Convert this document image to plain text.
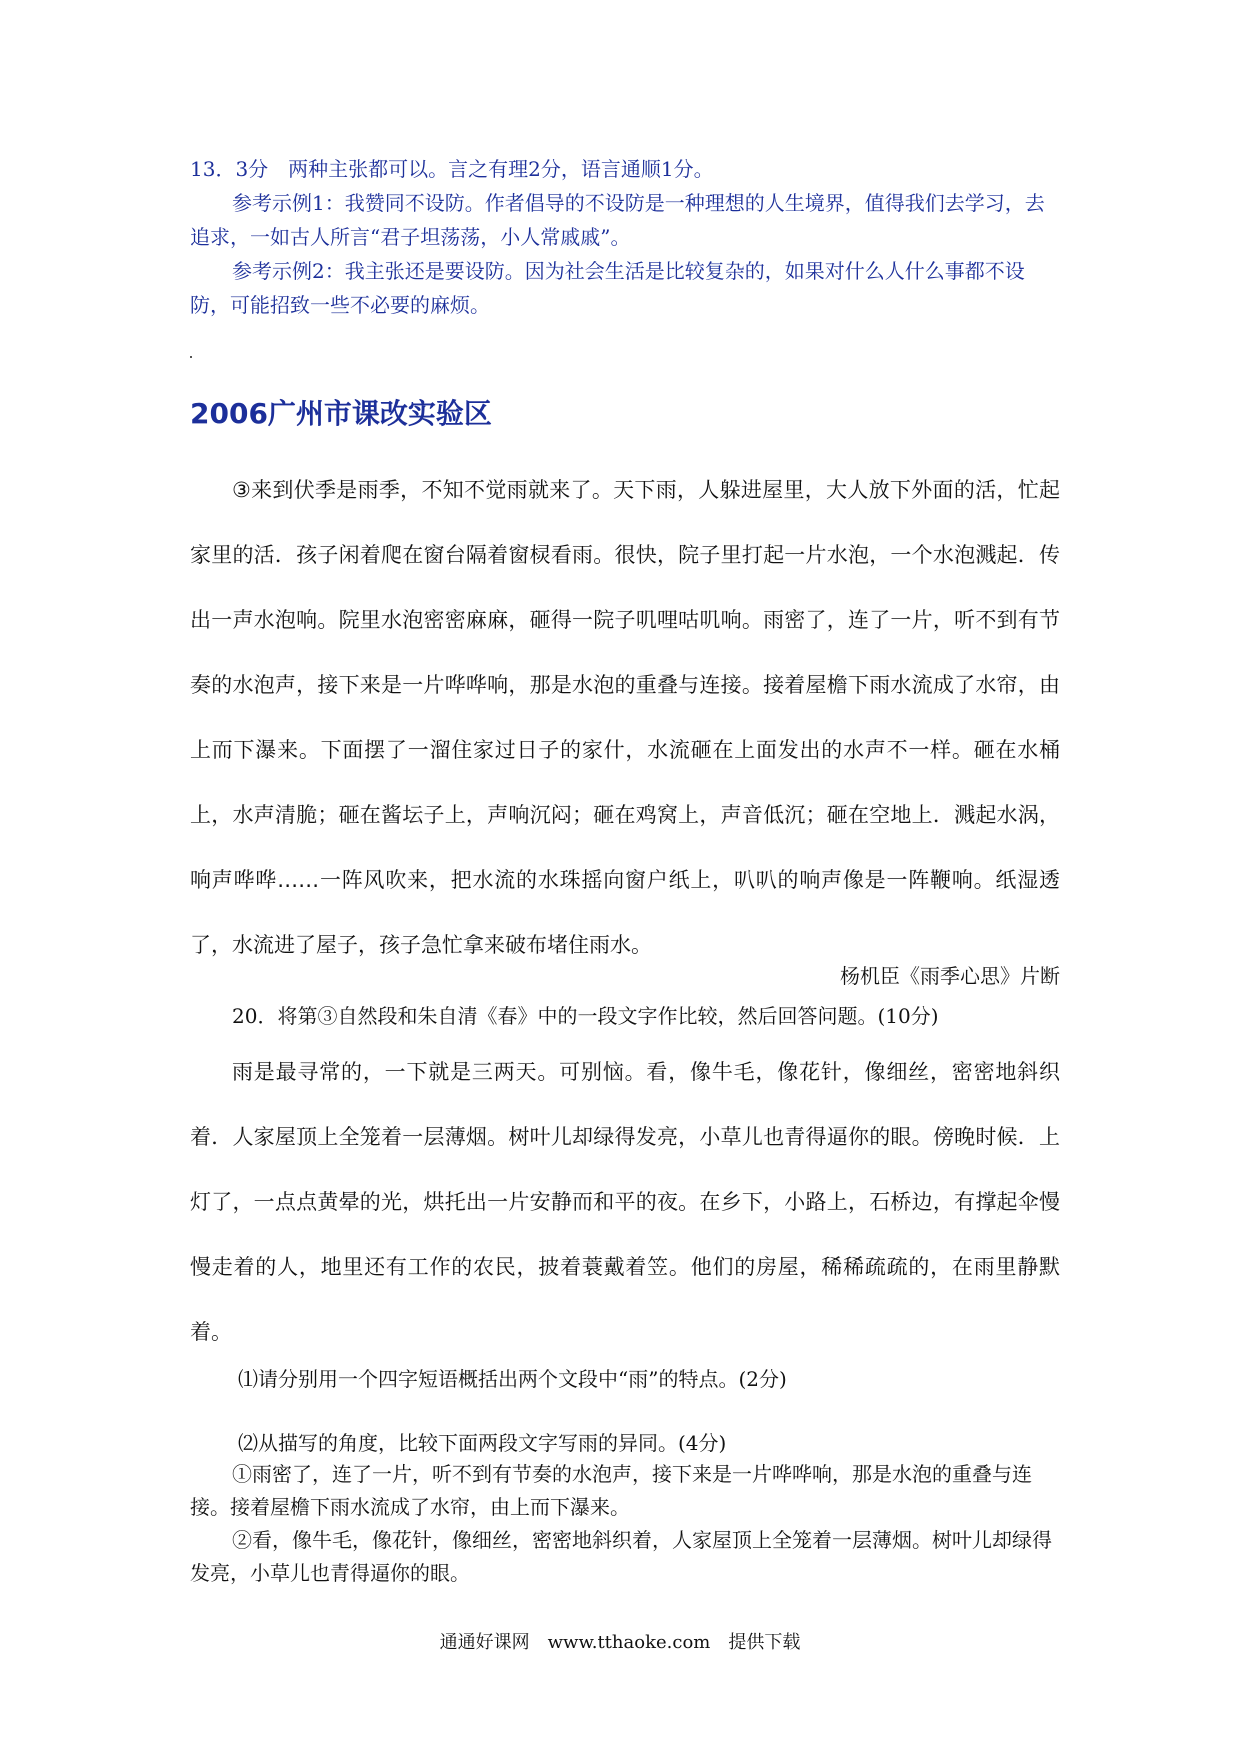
13．3分　两种主张都可以。言之有理2分，语言通顺1分。

参考示例1：我赞同不设防。作者倡导的不设防是一种理想的人生境界，值得我们去学习，去追求，一如古人所言“君子坦荡荡，小人常戚戚”。

参考示例2：我主张还是要设防。因为社会生活是比较复杂的，如果对什么人什么事都不设防，可能招致一些不必要的麻烦。

2006广州市课改实验区

③来到伏季是雨季，不知不觉雨就来了。天下雨，人躲进屋里，大人放下外面的活，忙起家里的活．孩子闲着爬在窗台隔着窗棂看雨。很快，院子里打起一片水泡，一个水泡溅起．传出一声水泡响。院里水泡密密麻麻，砸得一院子叽哩咕叽响。雨密了，连了一片，听不到有节奏的水泡声，接下来是一片哗哗响，那是水泡的重叠与连接。接着屋檐下雨水流成了水帘，由上而下瀑来。下面摆了一溜住家过日子的家什，水流砸在上面发出的水声不一样。砸在水桶上，水声清脆；砸在酱坛子上，声响沉闷；砸在鸡窝上，声音低沉；砸在空地上．溅起水涡，响声哗哗……一阵风吹来，把水流的水珠摇向窗户纸上，叭叭的响声像是一阵鞭响。纸湿透了，水流进了屋子，孩子急忙拿来破布堵住雨水。

杨机臣《雨季心思》片断

20．将第③自然段和朱自清《春》中的一段文字作比较，然后回答问题。(10分)

雨是最寻常的，一下就是三两天。可别恼。看，像牛毛，像花针，像细丝，密密地斜织着．人家屋顶上全笼着一层薄烟。树叶儿却绿得发亮，小草儿也青得逼你的眼。傍晚时候．上灯了，一点点黄晕的光，烘托出一片安静而和平的夜。在乡下，小路上，石桥边，有撑起伞慢慢走着的人，地里还有工作的农民，披着蓑戴着笠。他们的房屋，稀稀疏疏的，在雨里静默着。

⑴请分别用一个四字短语概括出两个文段中“雨”的特点。(2分)

⑵从描写的角度，比较下面两段文字写雨的异同。(4分)

①雨密了，连了一片，听不到有节奏的水泡声，接下来是一片哗哗响，那是水泡的重叠与连接。接着屋檐下雨水流成了水帘，由上而下瀑来。

②看，像牛毛，像花针，像细丝，密密地斜织着，人家屋顶上全笼着一层薄烟。树叶儿却绿得发亮，小草儿也青得逼你的眼。

通通好课网　www.tthaoke.com　提供下载
